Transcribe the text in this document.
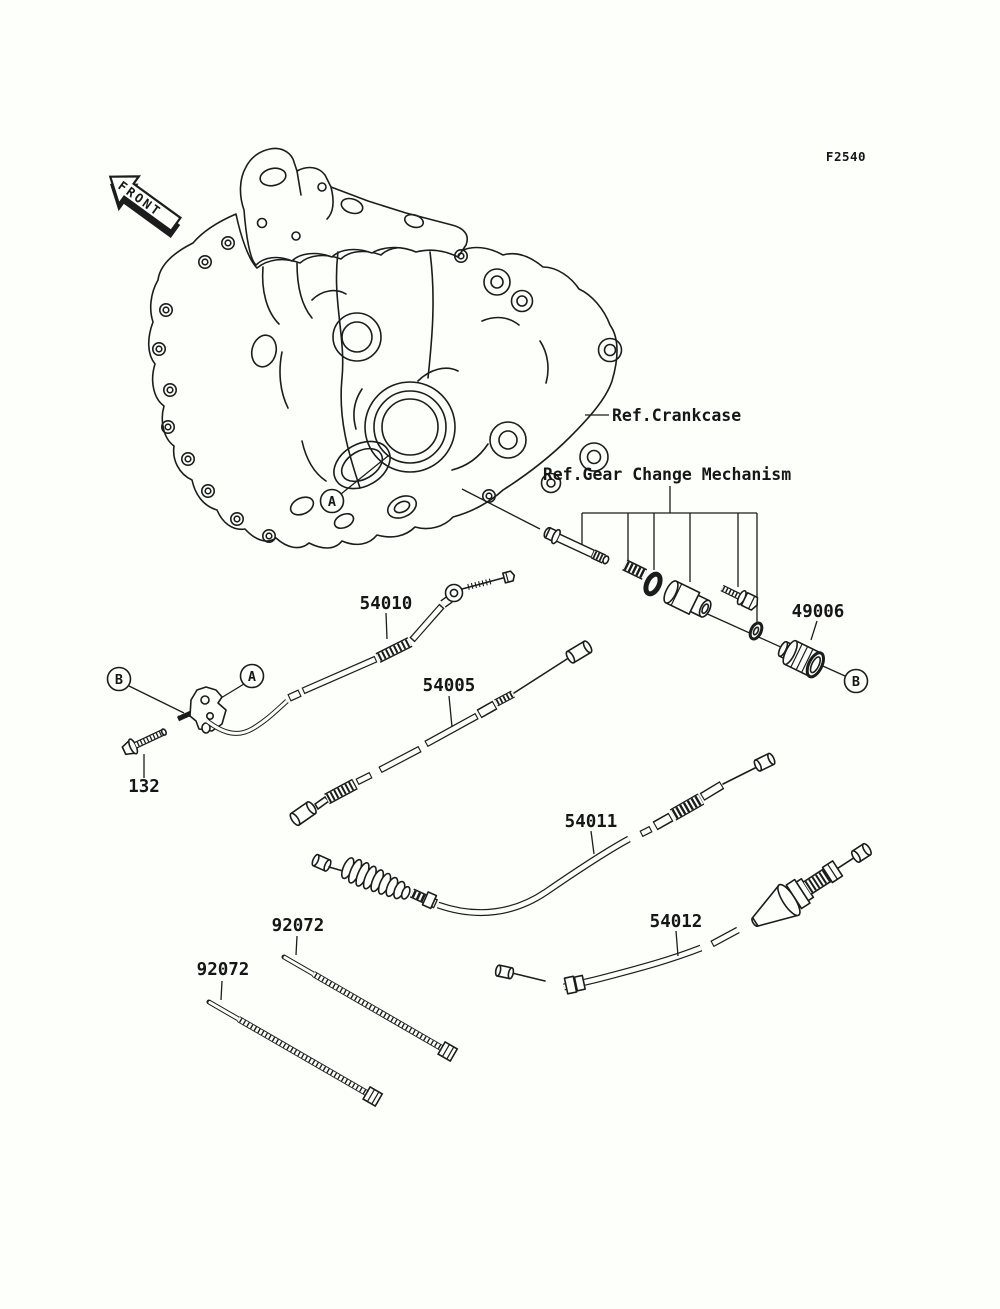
FRONT
F2540
Ref.Crankcase
Ref.Gear Change Mechanism
49006
A
B
B	A
132
54010
54005
54011
54012
92072
92072
